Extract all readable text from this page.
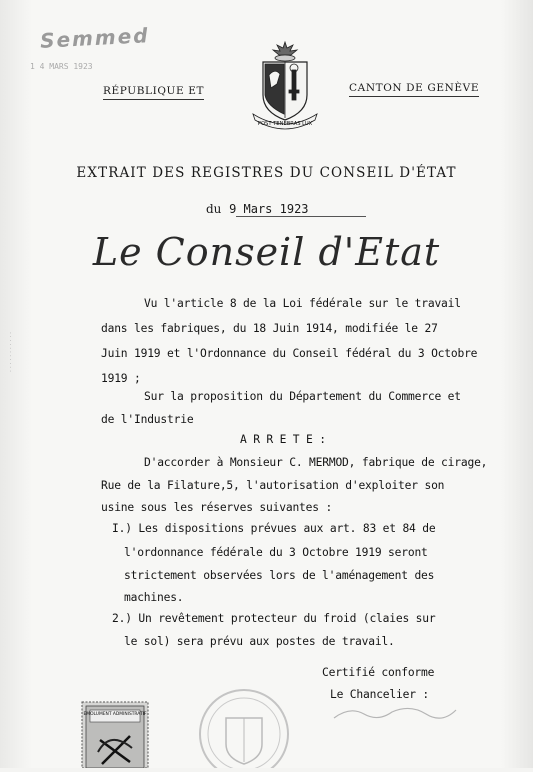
Semmed
1 4 MARS 1923
RÉPUBLIQUE ET	CANTON DE GENÈVE
POST TENEBRAS LUX
EXTRAIT DES REGISTRES DU CONSEIL D'ÉTAT
du 9 Mars 1923
Le Conseil d'Etat
Vu l'article 8 de la Loi fédérale sur le travail
dans les fabriques, du 18 Juin 1914, modifiée le 27
Juin 1919 et l'Ordonnance du Conseil fédéral du 3 Octobre
1919 ;
Sur la proposition du Département du Commerce et
de l'Industrie
A R R E T E :
D'accorder à Monsieur C. MERMOD, fabrique de cirage,
Rue de la Filature,5, l'autorisation d'exploiter son
usine sous les réserves suivantes :
I.) Les dispositions prévues aux art. 83 et 84 de
l'ordonnance fédérale du 3 Octobre 1919 seront
strictement observées lors de l'aménagement des
machines.
2.) Un revêtement protecteur du froid (claies sur
le sol) sera prévu aux postes de travail.
Certifié conforme
Le Chancelier :
EMOLUMENT ADMINISTRATIF
· · · · · · · · · · ·
